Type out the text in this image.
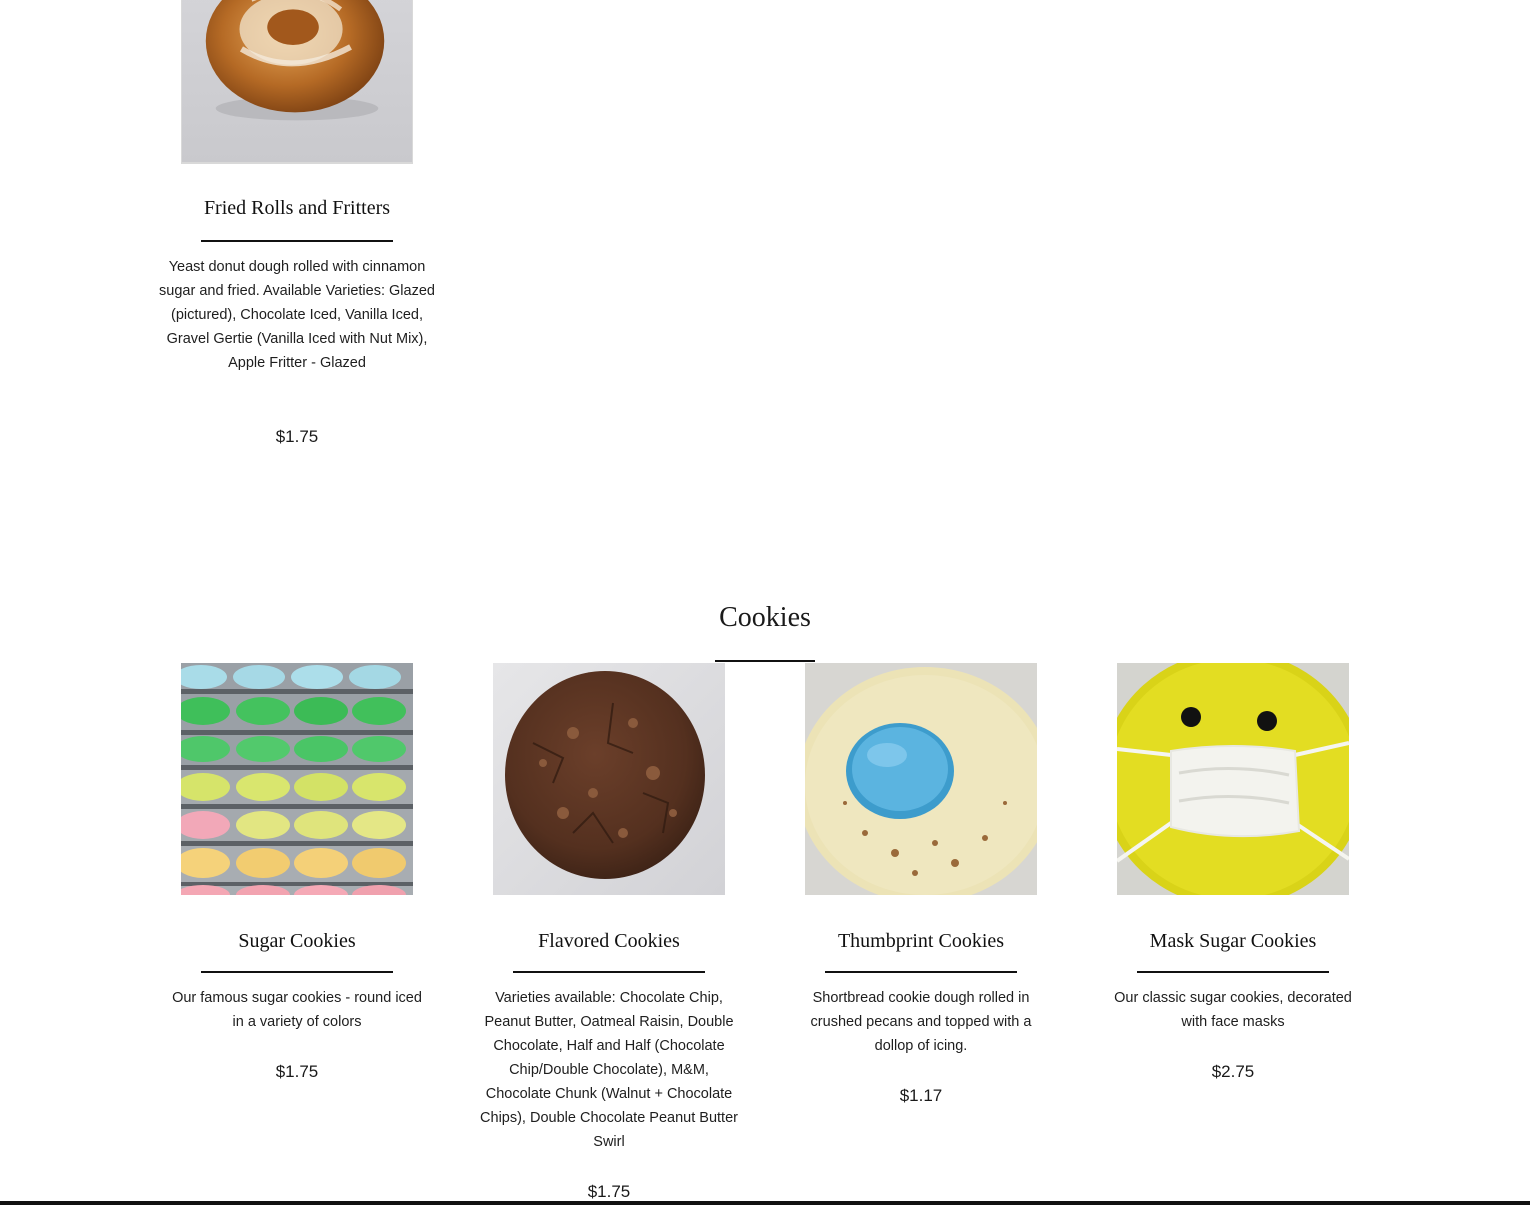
Fried Rolls and Fritters
Yeast donut dough rolled with cinnamon sugar and fried. Available Varieties: Glazed (pictured), Chocolate Iced, Vanilla Iced, Gravel Gertie (Vanilla Iced with Nut Mix), Apple Fritter - Glazed
$1.75
Cookies
Sugar Cookies
Our famous sugar cookies - round iced in a variety of colors
$1.75
Flavored Cookies
Varieties available: Chocolate Chip, Peanut Butter, Oatmeal Raisin, Double Chocolate, Half and Half (Chocolate Chip/Double Chocolate), M&M, Chocolate Chunk (Walnut + Chocolate Chips), Double Chocolate Peanut Butter Swirl
$1.75
Thumbprint Cookies
Shortbread cookie dough rolled in crushed pecans and topped with a dollop of icing.
$1.17
Mask Sugar Cookies
Our classic sugar cookies, decorated with face masks
$2.75
